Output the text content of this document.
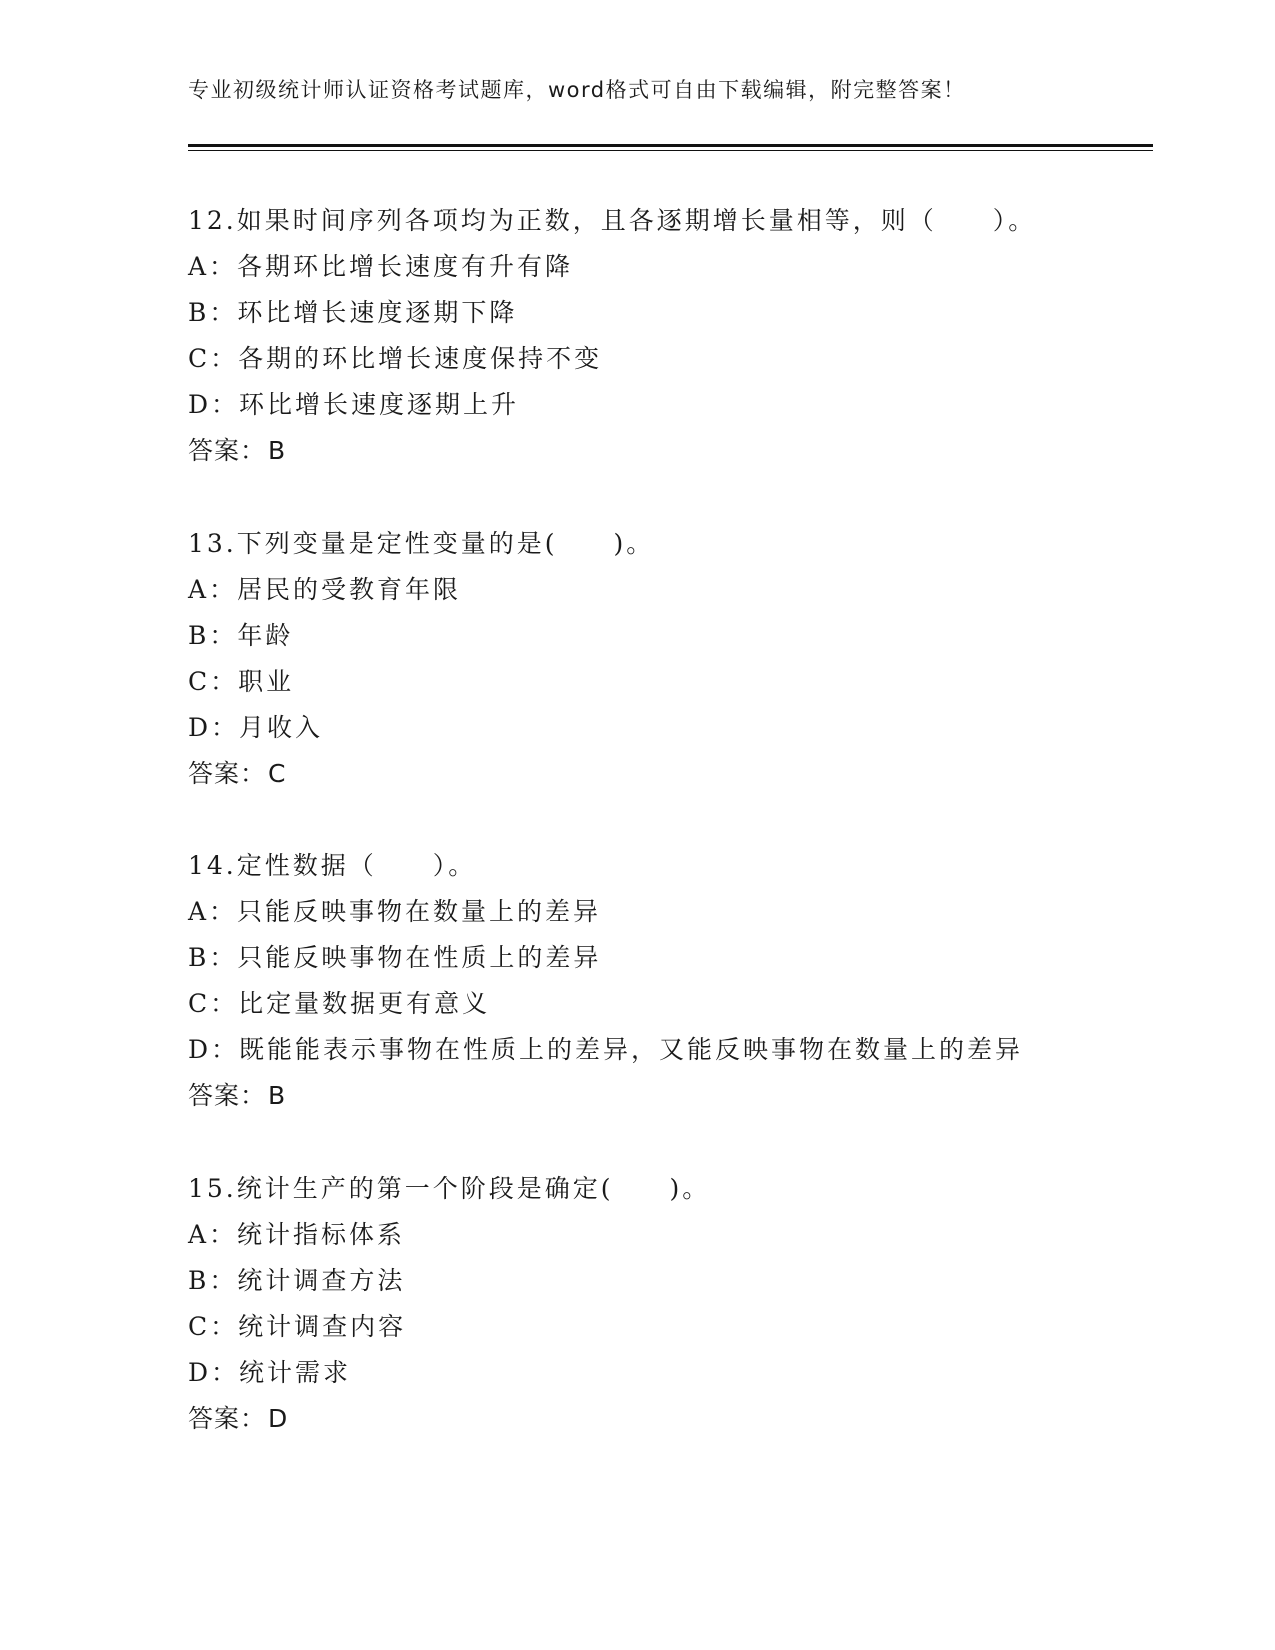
专业初级统计师认证资格考试题库，word格式可自由下载编辑，附完整答案！
12.如果时间序列各项均为正数，且各逐期增长量相等，则（　　）。
A：各期环比增长速度有升有降
B：环比增长速度逐期下降
C：各期的环比增长速度保持不变
D：环比增长速度逐期上升
答案：B
13.下列变量是定性变量的是(　　)。
A：居民的受教育年限
B：年龄
C：职业
D：月收入
答案：C
14.定性数据（　　）。
A：只能反映事物在数量上的差异
B：只能反映事物在性质上的差异
C：比定量数据更有意义
D：既能能表示事物在性质上的差异，又能反映事物在数量上的差异
答案：B
15.统计生产的第一个阶段是确定(　　)。
A：统计指标体系
B：统计调查方法
C：统计调查内容
D：统计需求
答案：D
